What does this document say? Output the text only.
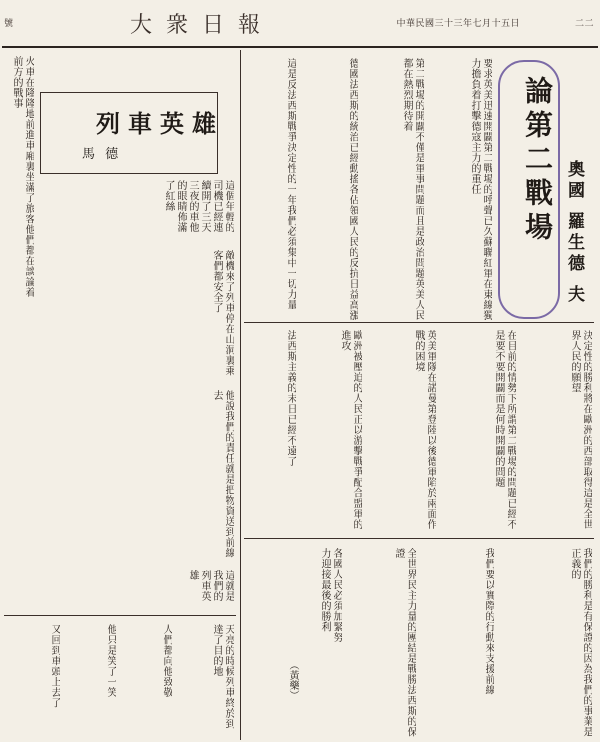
號	大衆日報	中華民國三十三年七月十五日	二二
論第二戰場 奧國 羅生德 夫
要求英美迅速開闢第二戰場的呼聲已久蘇聯紅軍在東線獨力擔負着打擊德寇主力的重任
第二戰場的開闢不僅是軍事問題而且是政治問題英美人民都在熱烈期待着
德國法西斯的統治已經動搖各佔領國人民的反抗日益高漲
這是反法西斯戰爭決定性的一年我們必須集中一切力量
決定性的勝利將在歐洲的西部取得這是全世界人民的願望
在目前的情勢下所謂第二戰場的問題已經不是要不要開闢而是何時開闢的問題
英美軍隊在諾曼第登陸以後德軍陷於兩面作戰的困境
歐洲被壓迫的人民正以游擊戰爭配合盟軍的進攻
法西斯主義的末日已經不遠了
我們的勝利是有保證的因為我們的事業是正義的
我們要以實際的行動來支援前線
全世界民主力量的團結是戰勝法西斯的保證
各國人民必須加緊努力迎接最後的勝利
（黃藥）
列車英雄
馬 德
火車在隆隆地前進車廂裏坐滿了旅客他們都在談論着前方的戰事
這個年輕的司機已經連續開了三天三夜的車他的眼睛佈滿了紅絲
敵機來了列車停在山洞裏乘客們都安全了
他說我們的責任就是把物資送到前線去
這就是我們的列車英雄
天亮的時候列車終於到達了目的地
人們都向他致敬
他只是笑了一笑
又回到車頭上去了
